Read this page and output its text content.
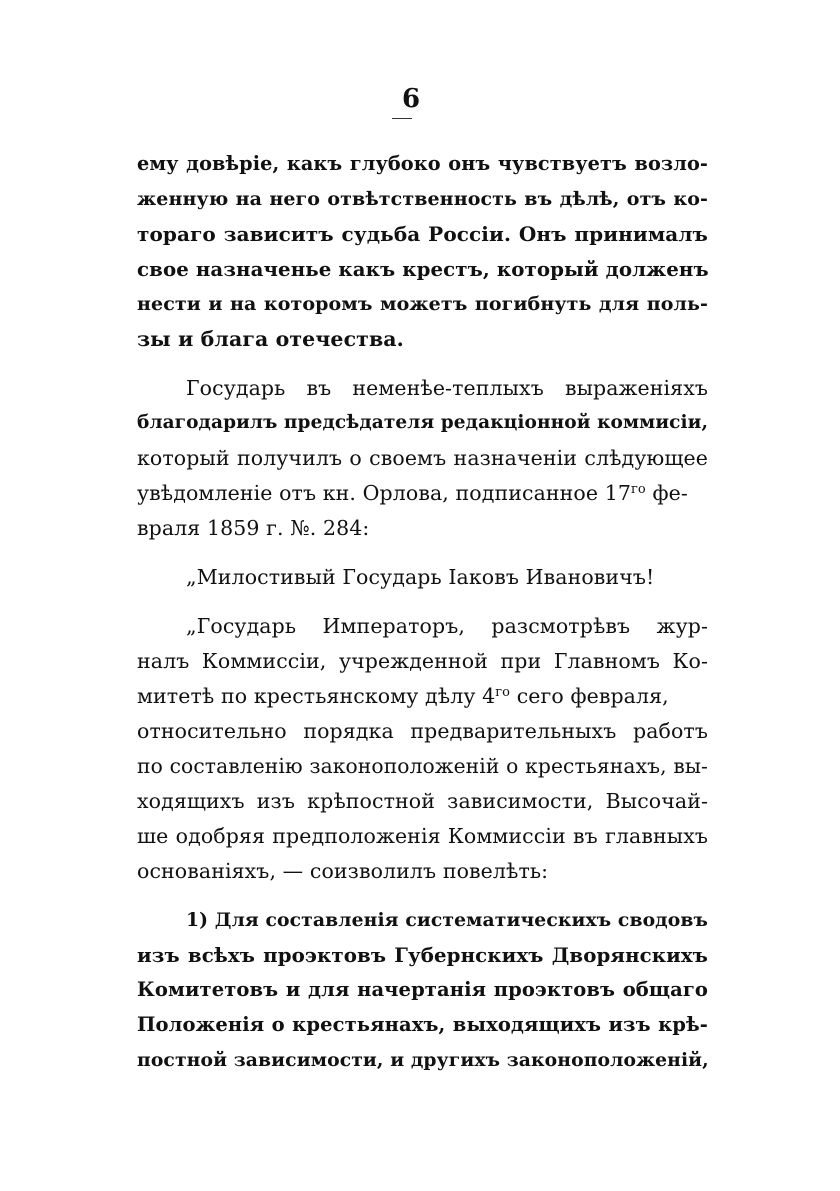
6
ему довѣріе, какъ глубоко онъ чувствуетъ возло-
женную на него отвѣтственность въ дѣлѣ, отъ ко-
тораго зависитъ судьба Россіи. Онъ принималъ
свое назначенье какъ крестъ, который долженъ
нести и на которомъ можетъ погибнуть для поль-
зы и блага отечества.
Государь въ неменѣе-теплыхъ выраженіяхъ
благодарилъ предсѣдателя редакціонной коммисіи,
который получилъ о своемъ назначеніи слѣдующее
увѣдомленіе отъ кн. Орлова, подписанное $17^{го}$ фе-
враля 1859 г. №. 284:
„Милостивый Государь Іаковъ Ивановичъ!
„Государь Императоръ, разсмотрѣвъ жур-
налъ Коммиссіи, учрежденной при Главномъ Ко-
митетѣ по крестьянскому дѣлу $4^{го}$ сего февраля,
относительно порядка предварительныхъ работъ
по составленію законоположеній о крестьянахъ, вы-
ходящихъ изъ крѣпостной зависимости, Высочай-
ше одобряя предположенія Коммиссіи въ главныхъ
основаніяхъ, — соизволилъ повелѣть:
1) Для составленія систематическихъ сводовъ
изъ всѣхъ проэктовъ Губернскихъ Дворянскихъ
Комитетовъ и для начертанія проэктовъ общаго
Положенія о крестьянахъ, выходящихъ изъ крѣ-
постной зависимости, и другихъ законоположеній,
